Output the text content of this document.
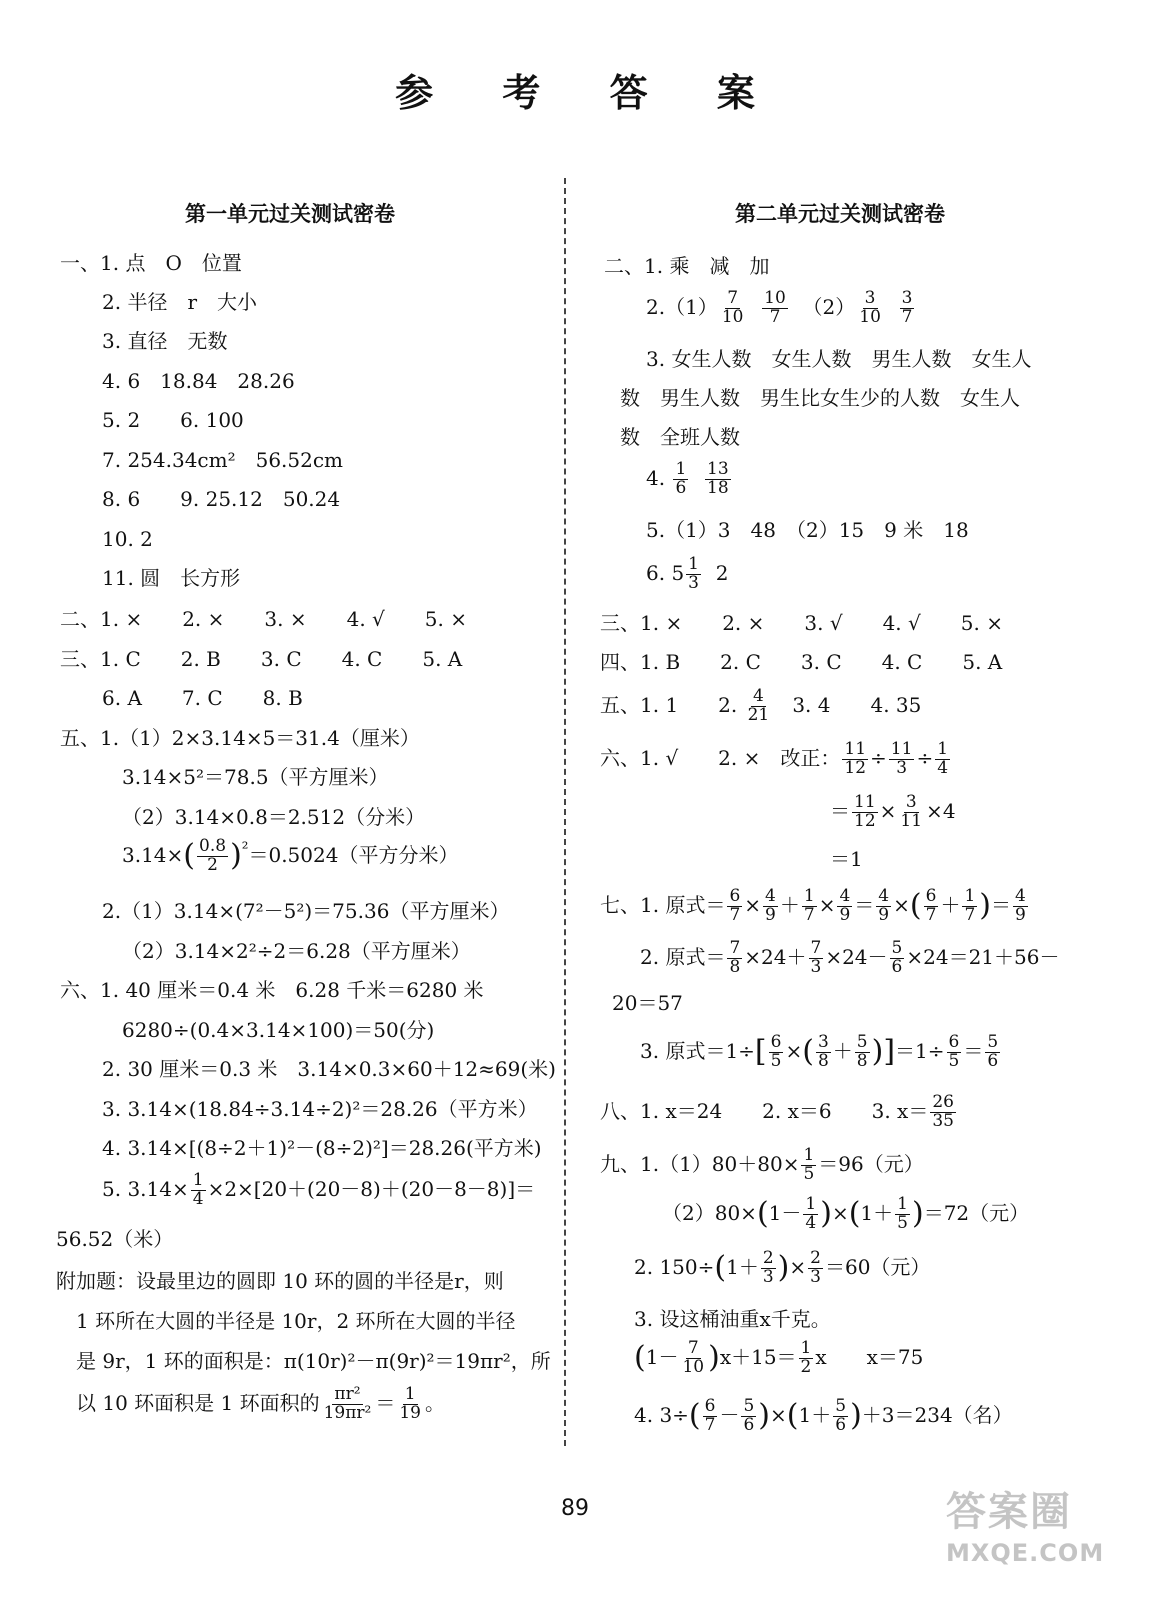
参 考 答 案
第一单元过关测试密卷
一、1. 点　O　位置
2. 半径　r　大小
3. 直径　无数
4. 6　18.84　28.26
5. 2　　6. 100
7. 254.34cm²　56.52cm
8. 6　　9. 25.12　50.24
10. 2
11. 圆　长方形
二、1. ×　　2. ×　　3. ×　　4. √　　5. ×
三、1. C　　2. B　　3. C　　4. C　　5. A
6. A　　7. C　　8. B
五、1.（1）2×3.14×5＝31.4（厘米）
3.14×5²＝78.5（平方厘米）
（2）3.14×0.8＝2.512（分米）
$3.14\times( \frac{0.8}{2} )^{^2}=0.5024$（平方分米）
2.（1）3.14×(7²－5²)＝75.36（平方厘米）
（2）3.14×2²÷2＝6.28（平方厘米）
六、1. 40 厘米＝0.4 米　6.28 千米＝6280 米
6280÷(0.4×3.14×100)＝50(分)
2. 30 厘米＝0.3 米　3.14×0.3×60＋12≈69(米)
3. 3.14×(18.84÷3.14÷2)²＝28.26（平方米）
4. 3.14×[(8÷2＋1)²－(8÷2)²]＝28.26(平方米)
5. $3.14\times \frac{1}{4} \times 2\times[20+(20-8)+(20-8-8)]=$
56.52（米）
附加题：设最里边的圆即 10 环的圆的半径是r，则
1 环所在大圆的半径是 10r，2 环所在大圆的半径
是 9r，1 环的面积是：π(10r)²－π(9r)²＝19πr²，所
以 10 环面积是 1 环面积的 $\frac{\text{πr²}}{\text{19πr²}} = \frac{1}{19}$ 。
第二单元过关测试密卷
二、1. 乘　减　加
$2.(1) \frac{7}{10}$
$\frac{10}{7} (2) \frac{3}{10}$
$\frac{3}{7}$
3. 女生人数　女生人数　男生人数　女生人
数　男生人数　男生比女生少的人数　女生人
数　全班人数
4. $\frac{1}{6}$
$\frac{13}{18}$
5.（1）3　48　（2）15　9 米　18
6. $5 \frac{1}{3} 2$
三、1. ×　　2. ×　　3. √　　4. √　　5. ×
四、1. B　　2. C　　3. C　　4. C　　5. A
五、1. 1　　2. $\frac{4}{21} 3$. 4　　4. 35
六、1. √　　2. ×　改正： $\frac{11}{12} \div \frac{11}{3} \div \frac{1}{4}$
＝ $\frac{11}{12} \times \frac{3}{11} \times 4$
＝1
七、1. 原式＝ $\frac{6}{7} \times \frac{4}{9} + \frac{1}{7} \times \frac{4}{9} = \frac{4}{9}$ ×( $\frac{6}{7} + \frac{1}{7}$ )＝ $\frac{4}{9}$
2. 原式＝ $\frac{7}{8} \times 24+ \frac{7}{3} \times 24- \frac{5}{6} \times 24=21+56-$
20＝57
3. 原式$=1\div[ \frac{6}{5}$ ×( $\frac{3}{8} + \frac{5}{8} )]=1\div \frac{6}{5} = \frac{5}{6}$
八、1. x＝24　　2. x＝6　　3. $x= \frac{26}{35}$
九、$1.(1)80+80\times \frac{1}{5} =96$（元）
$(2)80\times(1- \frac{1}{4} )\times(1+ \frac{1}{5} )=72$（元）
2. $150\div(1+ \frac{2}{3}$ )× $\frac{2}{3} =60$（元）
3. 设这桶油重x千克。
$(1- \frac{7}{10} )x+15= \frac{1}{2}$ x　　x＝75
4. $3\div( \frac{6}{7} - \frac{5}{6} )\times(1+ \frac{5}{6} )+3=234$（名）
89	答案圈
MXQE.COM
